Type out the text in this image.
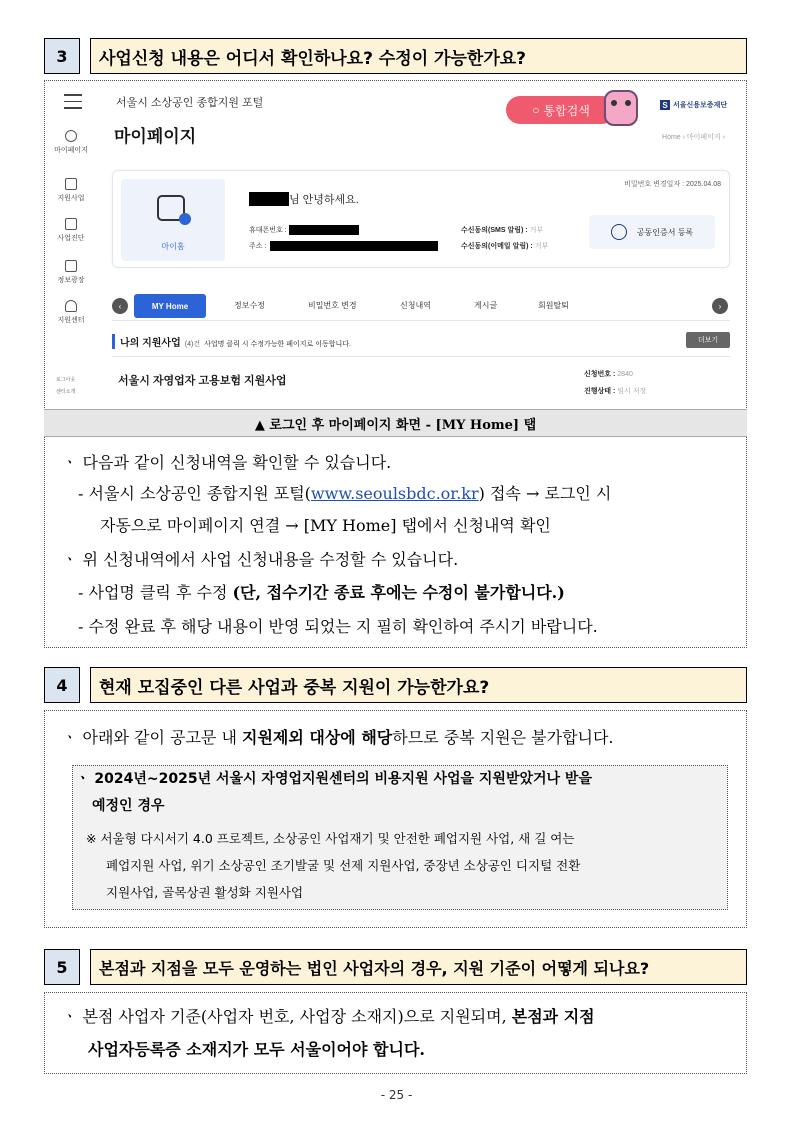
3	사업신청 내용은 어디서 확인하나요? 수정이 가능한가요?
서울시 소상공인 종합지원 포털	○ 통합검색	S 서울신용보증재단
마이페이지	Home › 마이페이지 ›
마이페이지
지원사업
사업진단
정보광장
지원센터
로그아웃
센터소개
마이홈
님 안녕하세요.
휴대폰번호 :
주소 :
수신동의(SMS 알림) :
거부
수신동의(이메일 알림) :
거부
비밀번호 변경일자 : 2025.04.08
공동인증서 등록
‹	MY Home	정보수정	비밀번호 변경	신청내역	게시글	회원탈퇴	›
나의 지원사업 (4)건 사업명 클릭 시 수정가능한 페이지로 이동합니다.
더보기
서울시 자영업자 고용보험 지원사업
신청번호 : 2840
진행상태 : 임시 저장
▲ 로그인 후 마이페이지 화면 - [MY Home] 탭
ㆍ 다음과 같이 신청내역을 확인할 수 있습니다.
- 서울시 소상공인 종합지원 포털(www.seoulsbdc.or.kr) 접속 → 로그인 시
자동으로 마이페이지 연결 → [MY Home] 탭에서 신청내역 확인
ㆍ 위 신청내역에서 사업 신청내용을 수정할 수 있습니다.
- 사업명 클릭 후 수정 (단, 접수기간 종료 후에는 수정이 불가합니다.)
- 수정 완료 후 해당 내용이 반영 되었는 지 필히 확인하여 주시기 바랍니다.
4	현재 모집중인 다른 사업과 중복 지원이 가능한가요?
ㆍ 아래와 같이 공고문 내 지원제외 대상에 해당하므로 중복 지원은 불가합니다.
ㆍ 2024년~2025년 서울시 자영업지원센터의 비용지원 사업을 지원받았거나 받을
예정인 경우
※ 서울형 다시서기 4.0 프로젝트, 소상공인 사업재기 및 안전한 폐업지원 사업, 새 길 여는
폐업지원 사업, 위기 소상공인 조기발굴 및 선제 지원사업, 중장년 소상공인 디지털 전환
지원사업, 골목상권 활성화 지원사업
5	본점과 지점을 모두 운영하는 법인 사업자의 경우, 지원 기준이 어떻게 되나요?
ㆍ 본점 사업자 기준(사업자 번호, 사업장 소재지)으로 지원되며, 본점과 지점
사업자등록증 소재지가 모두 서울이어야 합니다.
- 25 -
